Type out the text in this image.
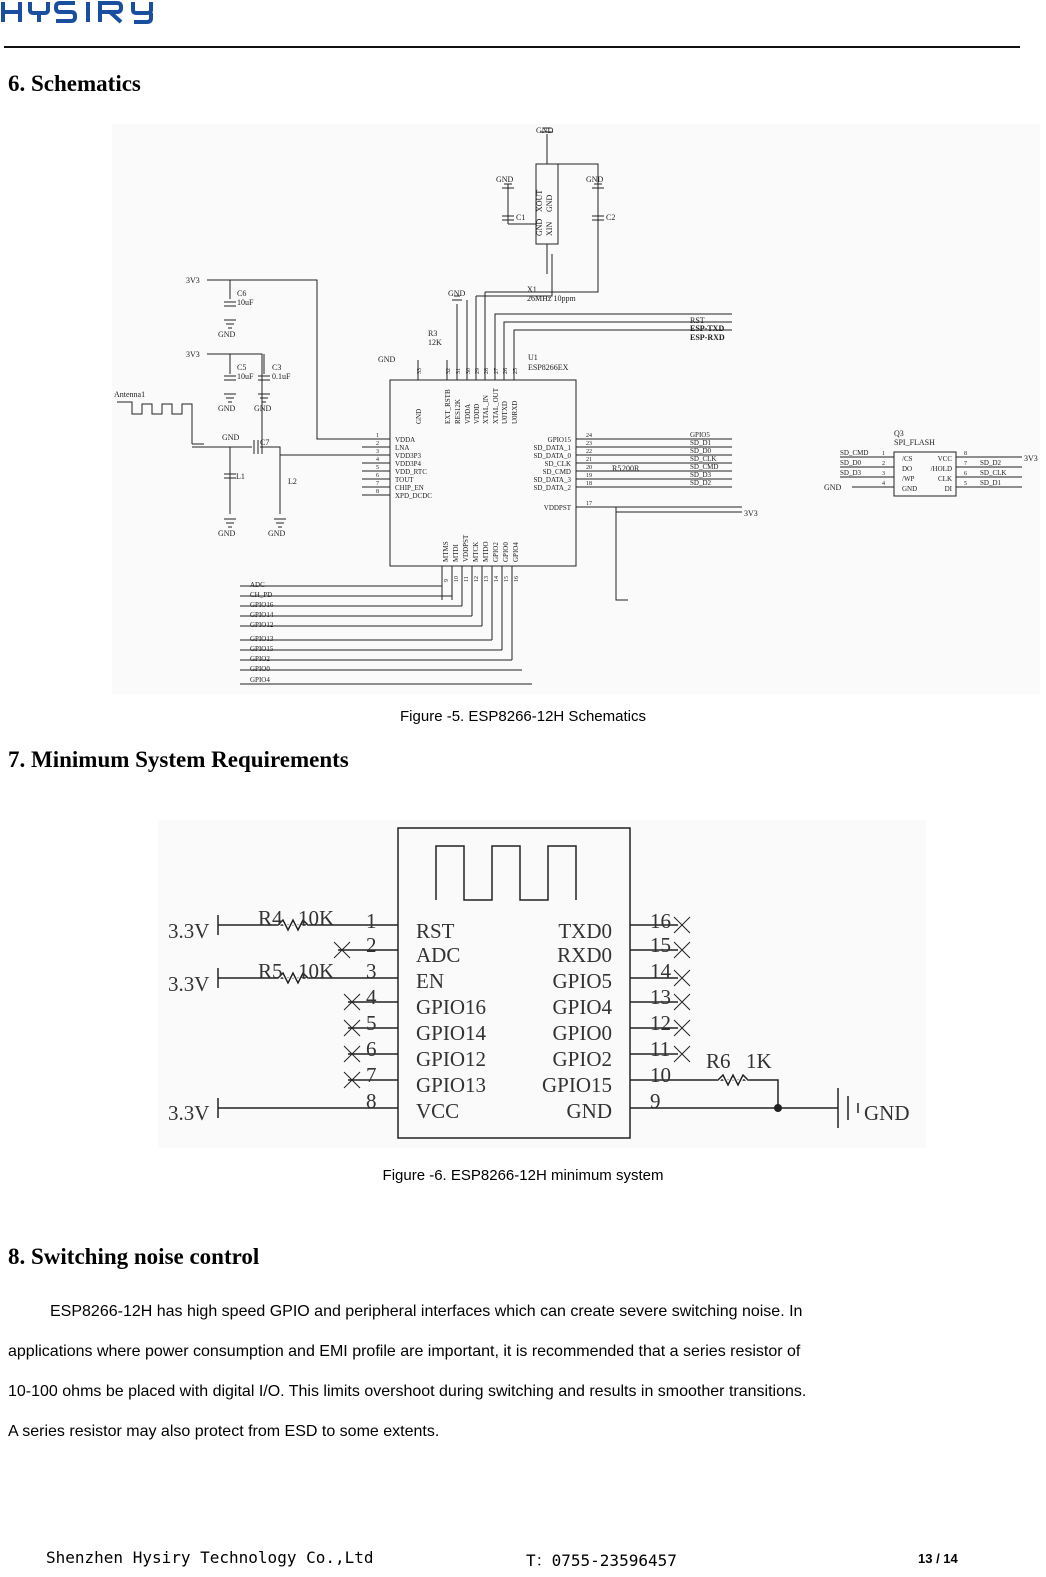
6. Schematics
3V3
3V3
C6
10uF
C5
10uF
C3
0.1uF
C7
L1
L2
Antenna1
C1	C2
X1
26MHz 10ppm
R3
12K
U1
ESP8266EX
RST
ESP-TXD
ESP-RXD
GND
GND	GND
GND
GND
GND GND
GND	GND
GND
GND
3V3
Q3
SPI_FLASH
R5 200R
3V3
GND
VDDA
1
LNA
2
VDD3P3
3
VDD3P4
4
VDD_RTC
5
TOUT
6
CHIP_EN
7
XPD_DCDC
8
GPIO15	24
SD_DATA_1	23
SD_DATA_0	22
SD_CLK	21
SD_CMD	20
SD_DATA_3	19
SD_DATA_2	18
VDDPST	17
GND
33
EXT_RSTB
32
RES12K
31
VDDA
30
VDDD
29
XTAL_IN
28
XTAL_OUT
27
U0TXD
26
U0RXD
25
MTMS
9
MTDI
10
VDDPST
11
MTCK
12
MTDO
13
GPIO2
14
GPIO0
15
GPIO4
16
GPIO5
SD_D1
SD_D0
SD_CLK
SD_CMD
SD_D3
SD_D2
ADC
CH_PD
GPIO16
GPIO14
GPIO12
GPIO13
GPIO15
GPIO2
GPIO0
GPIO4
SD_CMD
SD_D0
SD_D3
/CS
1
DO
2
/WP
3
GND
4
VCC
8
/HOLD
7
CLK
6
DI
5
SD_D2
SD_CLK
SD_D1
XIN
GND
GND
XOUT
Figure -5. ESP8266-12H Schematics
7. Minimum System Requirements
3.3V
3.3V
3.3V
R4 10K
R5 10K
R6 1K
GND
RST
1
ADC
2
EN
3
GPIO16
4
GPIO14
5
GPIO12
6
GPIO13
7
VCC
8
TXD0 16
RXD0 15
GPIO5 14
GPIO4 13
GPIO0 12
GPIO2 11
GPIO15 10
GND 9
Figure -6. ESP8266-12H minimum system
8. Switching noise control

ESP8266-12H has high speed GPIO and peripheral interfaces which can create severe switching noise. In

applications where power consumption and EMI profile are important, it is recommended that a series resistor of

10-100 ohms be placed with digital I/O. This limits overshoot during switching and results in smoother transitions.

A series resistor may also protect from ESD to some extents.

Shenzhen Hysiry Technology Co.,Ltd	T：0755-23596457	13 / 14
